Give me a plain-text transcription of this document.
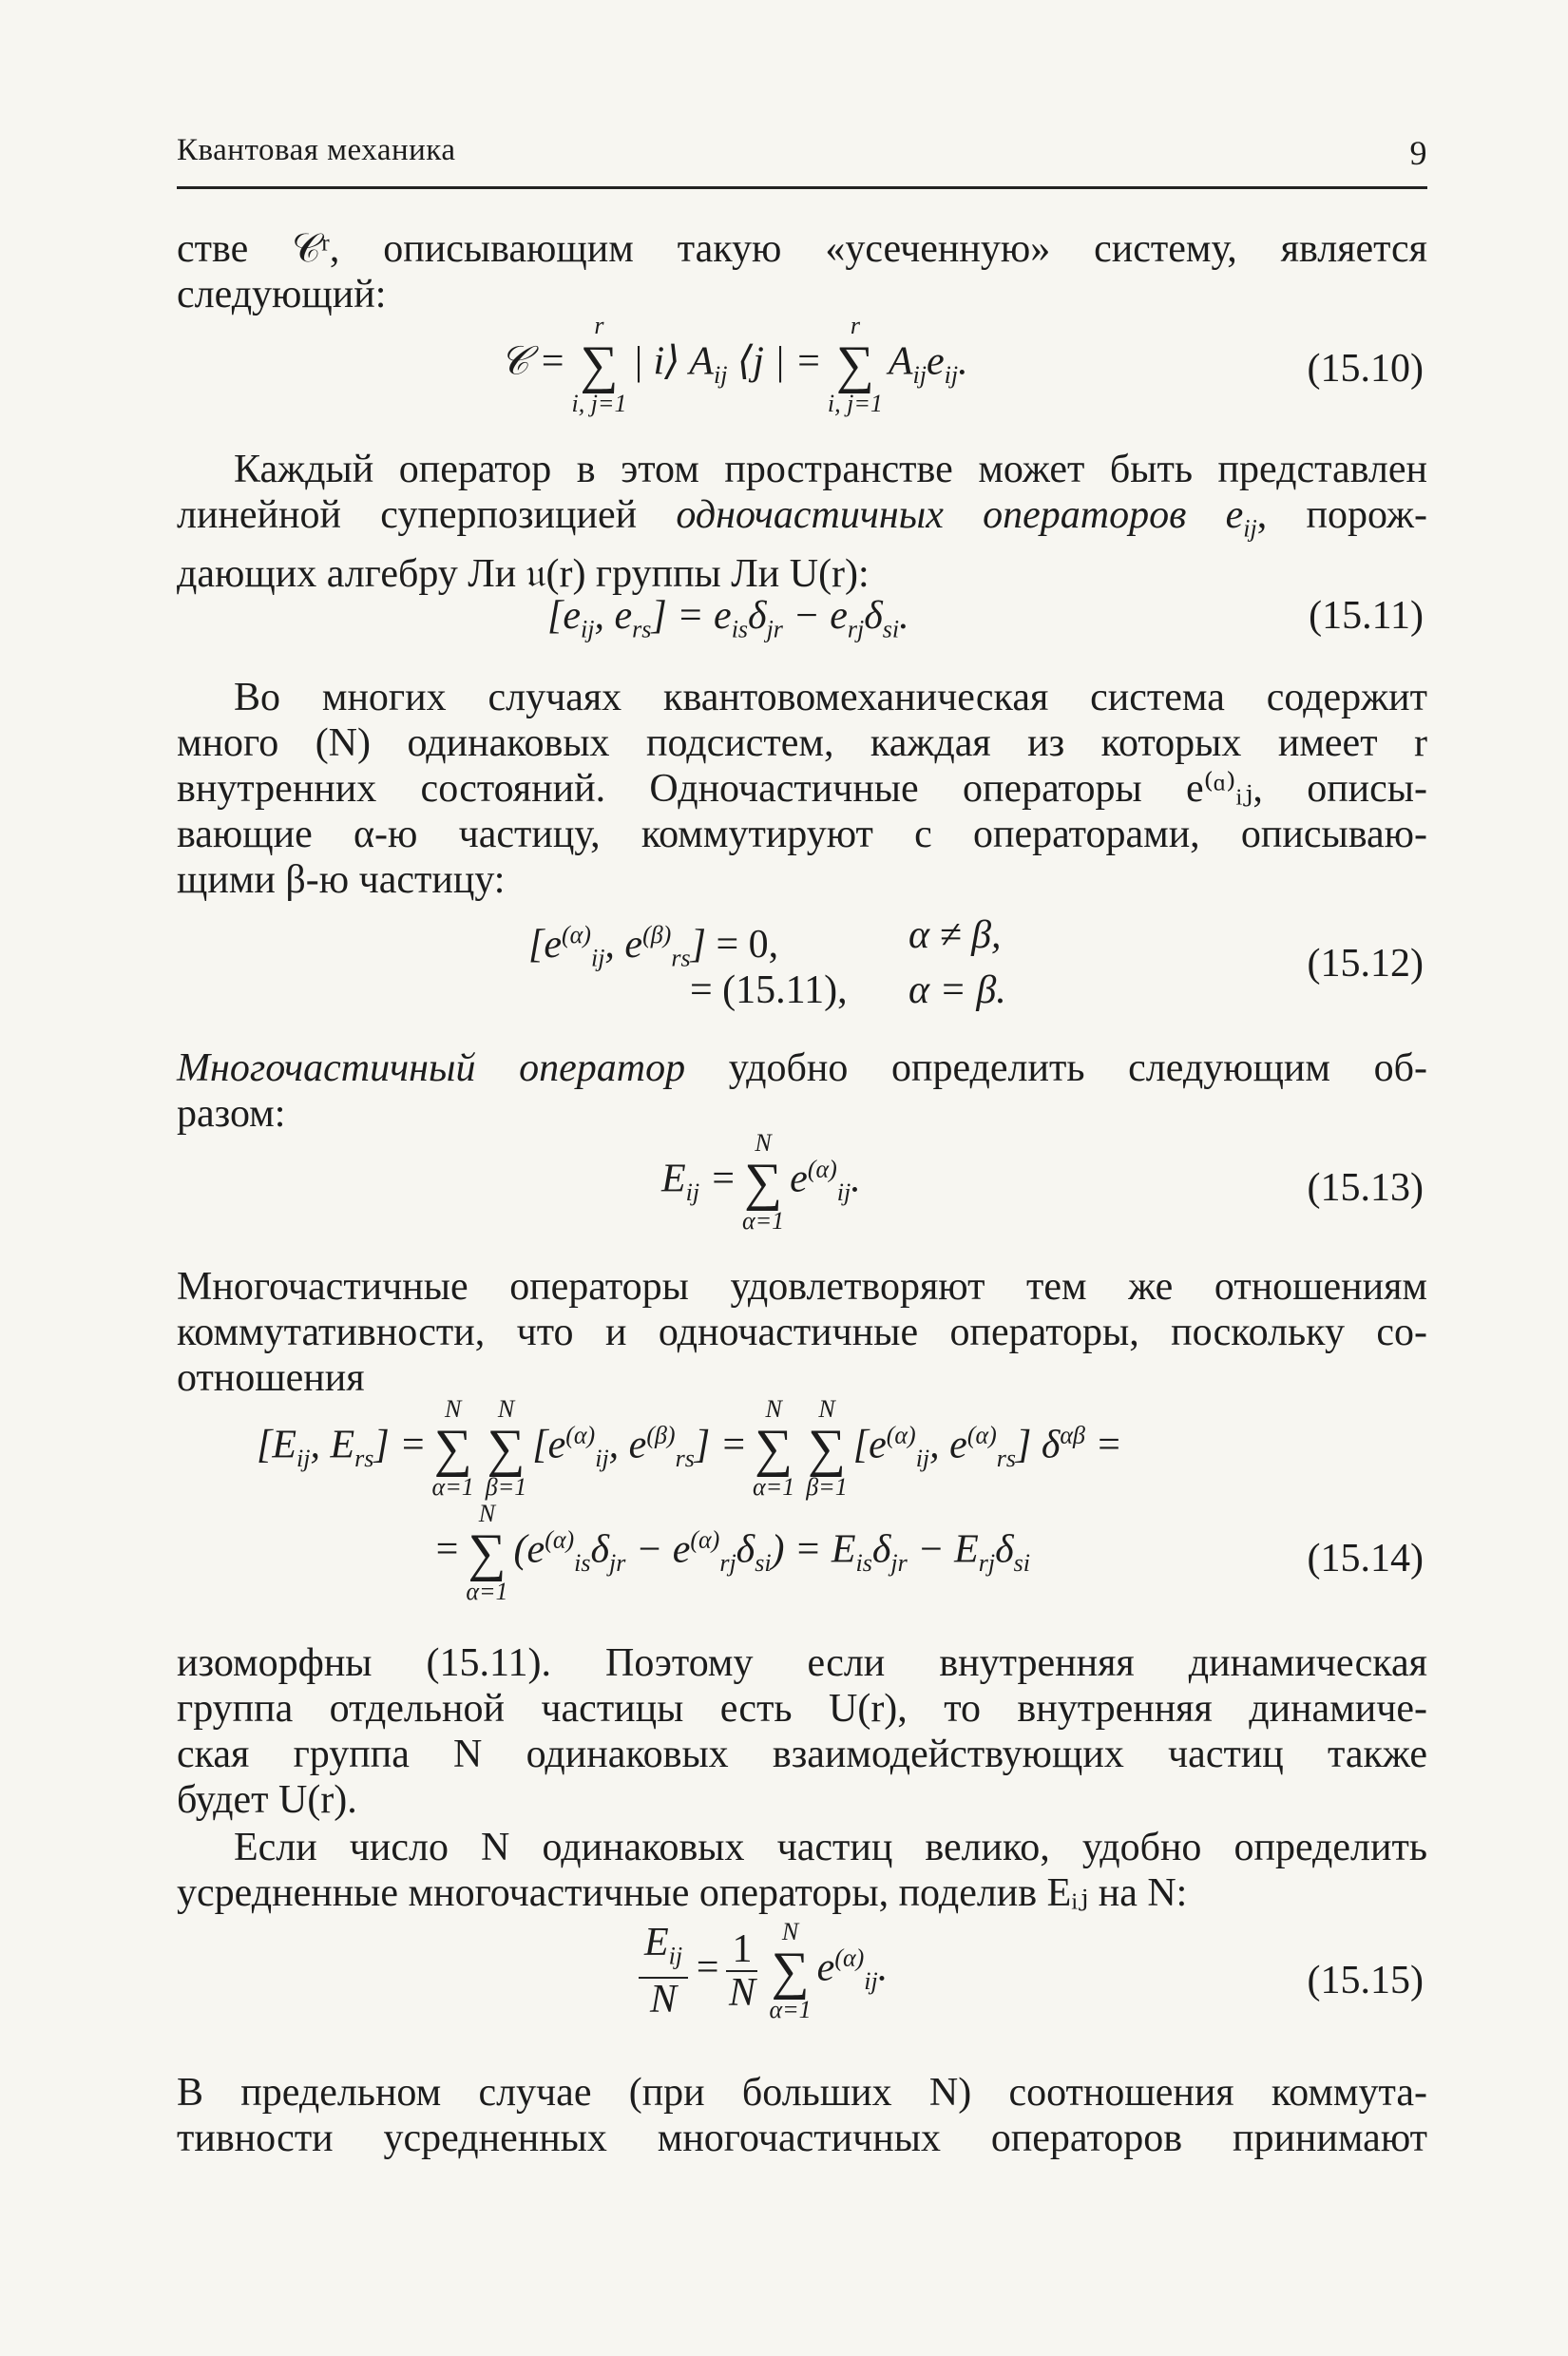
Квантовая механика	9
стве 𝒞ʳ, описывающим такую «усеченную» систему, является
следующий:
𝒞 =
r
∑
i, j=1
| i⟩ $A_{ij}$ ⟨j | =
r
∑
i, j=1
$A_{ij}e_{ij}$.	(15.10)
Каждый оператор в этом пространстве может быть представлен
линейной суперпозицией одночастичных операторов $e_{ij}$, порож-
дающих алгебру Ли 𝔲(r) группы Ли U(r):
[$e_{ij}$, $e_{rs}] = e_{is}\delta_{jr} - e_{rj}\delta_{si}$.	(15.11)
Во многих случаях квантовомеханическая система содержит
много (N) одинаковых подсистем, каждая из которых имеет r
внутренних состояний. Одночастичные операторы e⁽ᵅ⁾ᵢⱼ, описы-
вающие α-ю частицу, коммутируют с операторами, описываю-
щими β-ю частицу:
[$e^{(\alpha)}_{ij}$, $e^{(\beta)}_{rs}] = 0$,	α ≠ β,
= (15.11), α = β.
(15.12)
Многочастичный оператор удобно определить следующим об-
разом:
$E_{ij}$ =
N
∑
α=1
$e^{(\alpha)}_{ij}$.	(15.13)
Многочастичные операторы удовлетворяют тем же отношениям
коммутативности, что и одночастичные операторы, поскольку со-
отношения
[$E_{ij}$, $E_{rs}$] =
N
∑
α=1
N
∑
β=1
[$e^{(\alpha)}_{ij}$, $e^{(\beta)}_{rs}$] =
N
∑
α=1
N
∑
β=1
[$e^{(\alpha)}_{ij}$, $e^{(\alpha)}_{rs}$] $\delta^{\alpha\beta}$ =
=
N
∑
α=1
$(e^{(\alpha)}_{is}\delta_{jr} - e^{(\alpha)}_{rj}\delta_{si}) = E_{is}\delta_{jr} - E_{rj}\delta_{si}$	(15.14)
изоморфны (15.11). Поэтому если внутренняя динамическая
группа отдельной частицы есть U(r), то внутренняя динамиче-
ская группа N одинаковых взаимодействующих частиц также
будет U(r).
Если число N одинаковых частиц велико, удобно определить
усредненные многочастичные операторы, поделив Eᵢⱼ на N:
$\frac{E_{ij}}{N} = \frac{1}{N}$ N
∑
α=1
$e^{(\alpha)}_{ij}$.	(15.15)
В предельном случае (при больших N) соотношения коммута-
тивности усредненных многочастичных операторов принимают
